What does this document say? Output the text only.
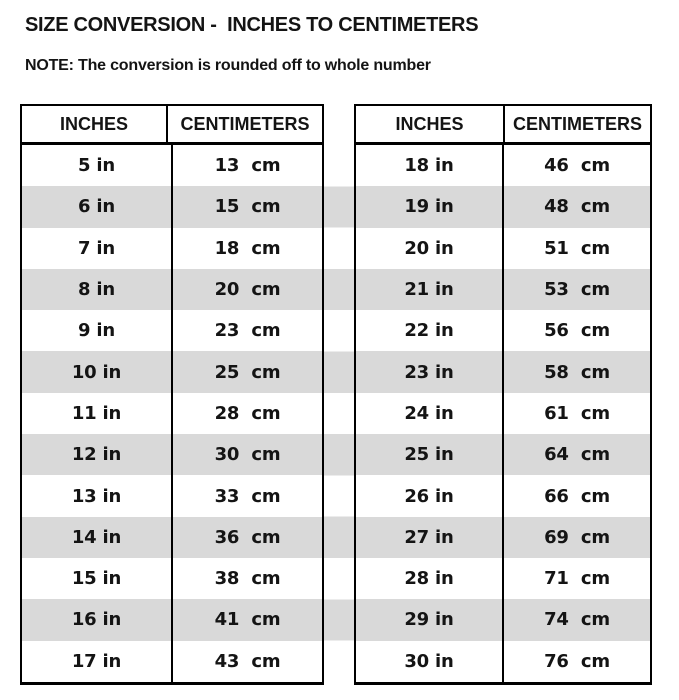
SIZE CONVERSION -  INCHES TO CENTIMETERS

NOTE: The conversion is rounded off to whole number

INCHES	CENTIMETERS
5 in	13  cm
6 in	15  cm
7 in	18  cm
8 in	20  cm
9 in	23  cm
10 in	25  cm
11 in	28  cm
12 in	30  cm
13 in	33  cm
14 in	36  cm
15 in	38  cm
16 in	41  cm
17 in	43  cm
INCHES	CENTIMETERS
18 in	46  cm
19 in	48  cm
20 in	51  cm
21 in	53  cm
22 in	56  cm
23 in	58  cm
24 in	61  cm
25 in	64  cm
26 in	66  cm
27 in	69  cm
28 in	71  cm
29 in	74  cm
30 in	76  cm
